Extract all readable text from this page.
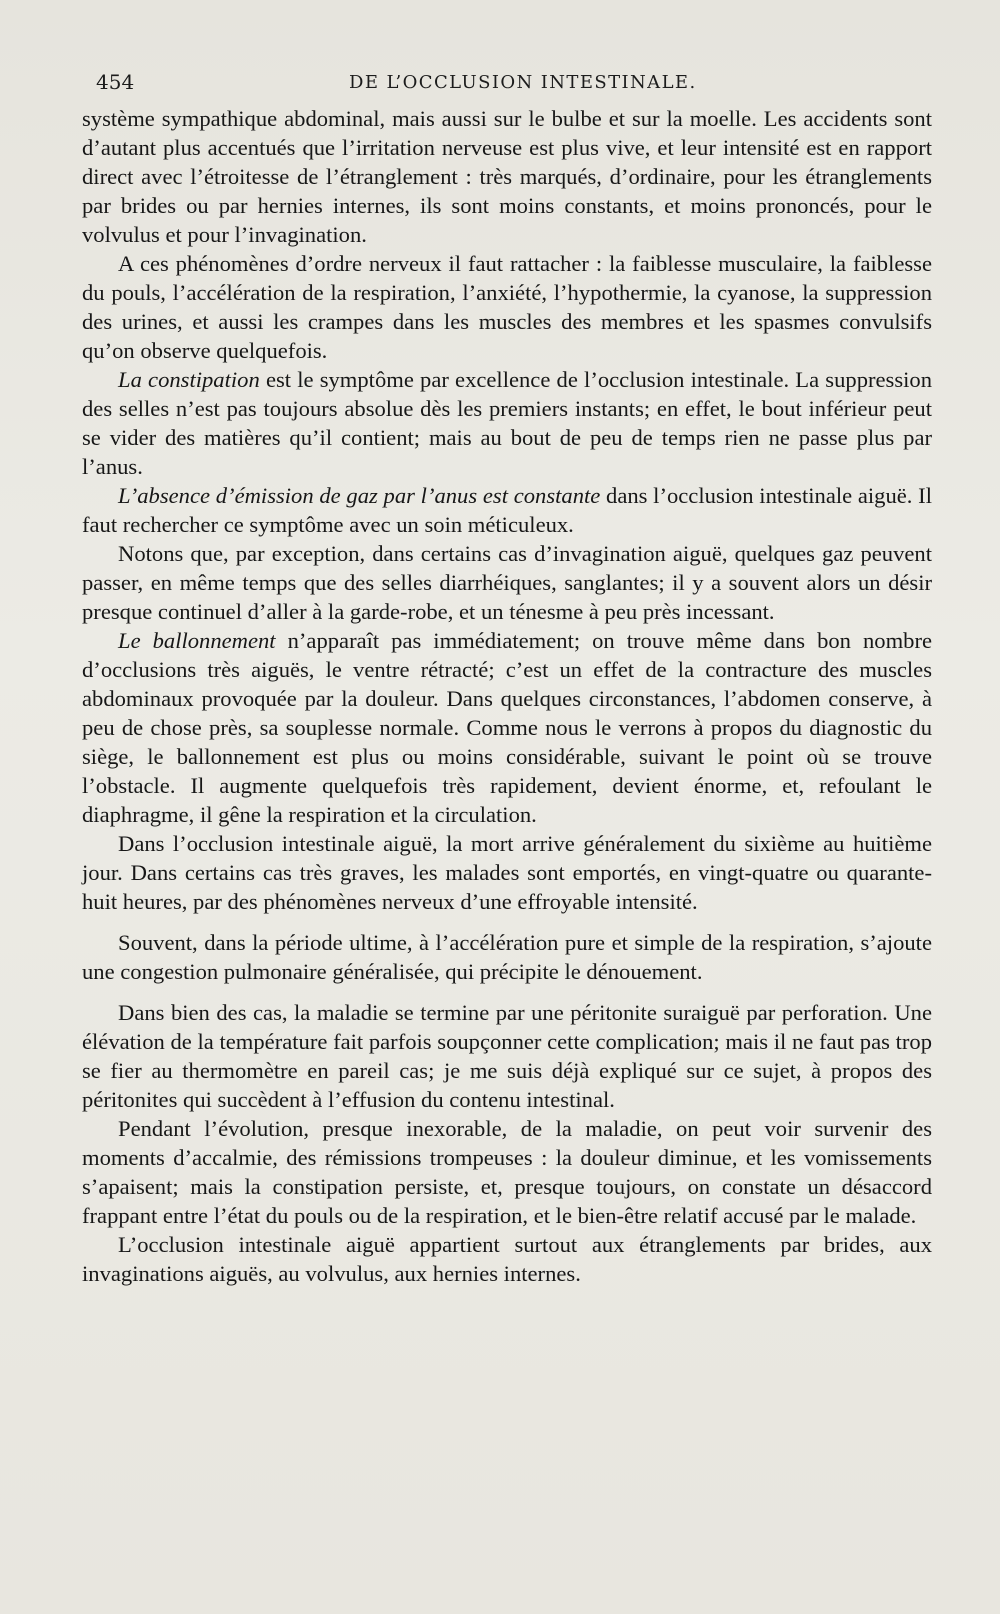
454	DE L’OCCLUSION INTESTINALE.

système sympathique abdominal, mais aussi sur le bulbe et sur la moelle. Les accidents sont d’autant plus accentués que l’irritation nerveuse est plus vive, et leur intensité est en rapport direct avec l’étroitesse de l’étranglement : très marqués, d’ordinaire, pour les étranglements par brides ou par hernies internes, ils sont moins constants, et moins prononcés, pour le volvulus et pour l’invagination.

A ces phénomènes d’ordre nerveux il faut rattacher : la faiblesse musculaire, la faiblesse du pouls, l’accélération de la respiration, l’anxiété, l’hypothermie, la cyanose, la suppression des urines, et aussi les crampes dans les muscles des membres et les spasmes convulsifs qu’on observe quelquefois.

La constipation est le symptôme par excellence de l’occlusion intestinale. La suppression des selles n’est pas toujours absolue dès les premiers instants; en effet, le bout inférieur peut se vider des matières qu’il contient; mais au bout de peu de temps rien ne passe plus par l’anus.

L’absence d’émission de gaz par l’anus est constante dans l’occlusion intestinale aiguë. Il faut rechercher ce symptôme avec un soin méticuleux.

Notons que, par exception, dans certains cas d’invagination aiguë, quelques gaz peuvent passer, en même temps que des selles diarrhéiques, sanglantes; il y a souvent alors un désir presque continuel d’aller à la garde-robe, et un ténesme à peu près incessant.

Le ballonnement n’apparaît pas immédiatement; on trouve même dans bon nombre d’occlusions très aiguës, le ventre rétracté; c’est un effet de la contracture des muscles abdominaux provoquée par la douleur. Dans quelques circonstances, l’abdomen conserve, à peu de chose près, sa souplesse normale. Comme nous le verrons à propos du diagnostic du siège, le ballonnement est plus ou moins considérable, suivant le point où se trouve l’obstacle. Il augmente quelquefois très rapidement, devient énorme, et, refoulant le diaphragme, il gêne la respiration et la circulation.

Dans l’occlusion intestinale aiguë, la mort arrive généralement du sixième au huitième jour. Dans certains cas très graves, les malades sont emportés, en vingt-quatre ou quarante-huit heures, par des phénomènes nerveux d’une effroyable intensité.

Souvent, dans la période ultime, à l’accélération pure et simple de la respiration, s’ajoute une congestion pulmonaire généralisée, qui précipite le dénouement.

Dans bien des cas, la maladie se termine par une péritonite suraiguë par perforation. Une élévation de la température fait parfois soupçonner cette complication; mais il ne faut pas trop se fier au thermomètre en pareil cas; je me suis déjà expliqué sur ce sujet, à propos des péritonites qui succèdent à l’effusion du contenu intestinal.

Pendant l’évolution, presque inexorable, de la maladie, on peut voir survenir des moments d’accalmie, des rémissions trompeuses : la douleur diminue, et les vomissements s’apaisent; mais la constipation persiste, et, presque toujours, on constate un désaccord frappant entre l’état du pouls ou de la respiration, et le bien-être relatif accusé par le malade.

L’occlusion intestinale aiguë appartient surtout aux étranglements par brides, aux invaginations aiguës, au volvulus, aux hernies internes.
